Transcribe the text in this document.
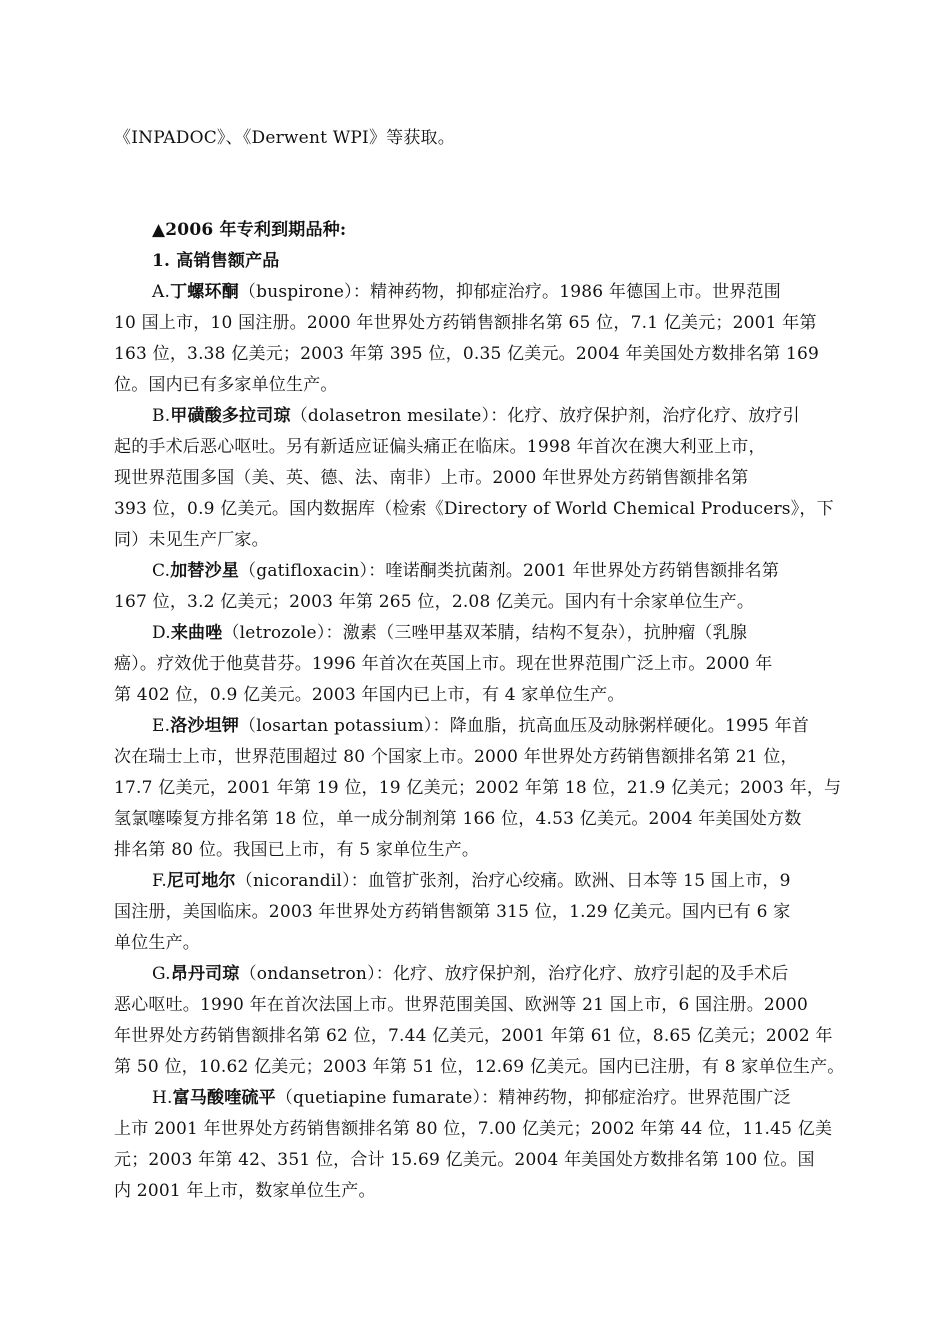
《INPADOC》、《Derwent WPI》等获取。
▲2006 年专利到期品种:
1. 高销售额产品
A.丁螺环酮（buspirone）：精神药物，抑郁症治疗。1986 年德国上市。世界范围
10 国上市，10 国注册。2000 年世界处方药销售额排名第 65 位，7.1 亿美元；2001 年第
163 位，3.38 亿美元；2003 年第 395 位，0.35 亿美元。2004 年美国处方数排名第 169
位。国内已有多家单位生产。
B.甲磺酸多拉司琼（dolasetron mesilate）：化疗、放疗保护剂，治疗化疗、放疗引
起的手术后恶心呕吐。另有新适应证偏头痛正在临床。1998 年首次在澳大利亚上市，
现世界范围多国（美、英、德、法、南非）上市。2000 年世界处方药销售额排名第
393 位，0.9 亿美元。国内数据库（检索《Directory of World Chemical Producers》，下
同）未见生产厂家。
C.加替沙星（gatifloxacin）：喹诺酮类抗菌剂。2001 年世界处方药销售额排名第
167 位，3.2 亿美元；2003 年第 265 位，2.08 亿美元。国内有十余家单位生产。
D.来曲唑（letrozole）：激素（三唑甲基双苯腈，结构不复杂），抗肿瘤（乳腺
癌）。疗效优于他莫昔芬。1996 年首次在英国上市。现在世界范围广泛上市。2000 年
第 402 位，0.9 亿美元。2003 年国内已上市，有 4 家单位生产。
E.洛沙坦钾（losartan potassium）：降血脂，抗高血压及动脉粥样硬化。1995 年首
次在瑞士上市，世界范围超过 80 个国家上市。2000 年世界处方药销售额排名第 21 位，
17.7 亿美元，2001 年第 19 位，19 亿美元；2002 年第 18 位，21.9 亿美元；2003 年，与
氢氯噻嗪复方排名第 18 位，单一成分制剂第 166 位，4.53 亿美元。2004 年美国处方数
排名第 80 位。我国已上市，有 5 家单位生产。
F.尼可地尔（nicorandil）：血管扩张剂，治疗心绞痛。欧洲、日本等 15 国上市，9
国注册，美国临床。2003 年世界处方药销售额第 315 位，1.29 亿美元。国内已有 6 家
单位生产。
G.昂丹司琼（ondansetron）：化疗、放疗保护剂，治疗化疗、放疗引起的及手术后
恶心呕吐。1990 年在首次法国上市。世界范围美国、欧洲等 21 国上市，6 国注册。2000
年世界处方药销售额排名第 62 位，7.44 亿美元，2001 年第 61 位，8.65 亿美元；2002 年
第 50 位，10.62 亿美元；2003 年第 51 位，12.69 亿美元。国内已注册，有 8 家单位生产。
H.富马酸喹硫平（quetiapine fumarate）：精神药物，抑郁症治疗。世界范围广泛
上市 2001 年世界处方药销售额排名第 80 位，7.00 亿美元；2002 年第 44 位，11.45 亿美
元；2003 年第 42、351 位，合计 15.69 亿美元。2004 年美国处方数排名第 100 位。国
内 2001 年上市，数家单位生产。
